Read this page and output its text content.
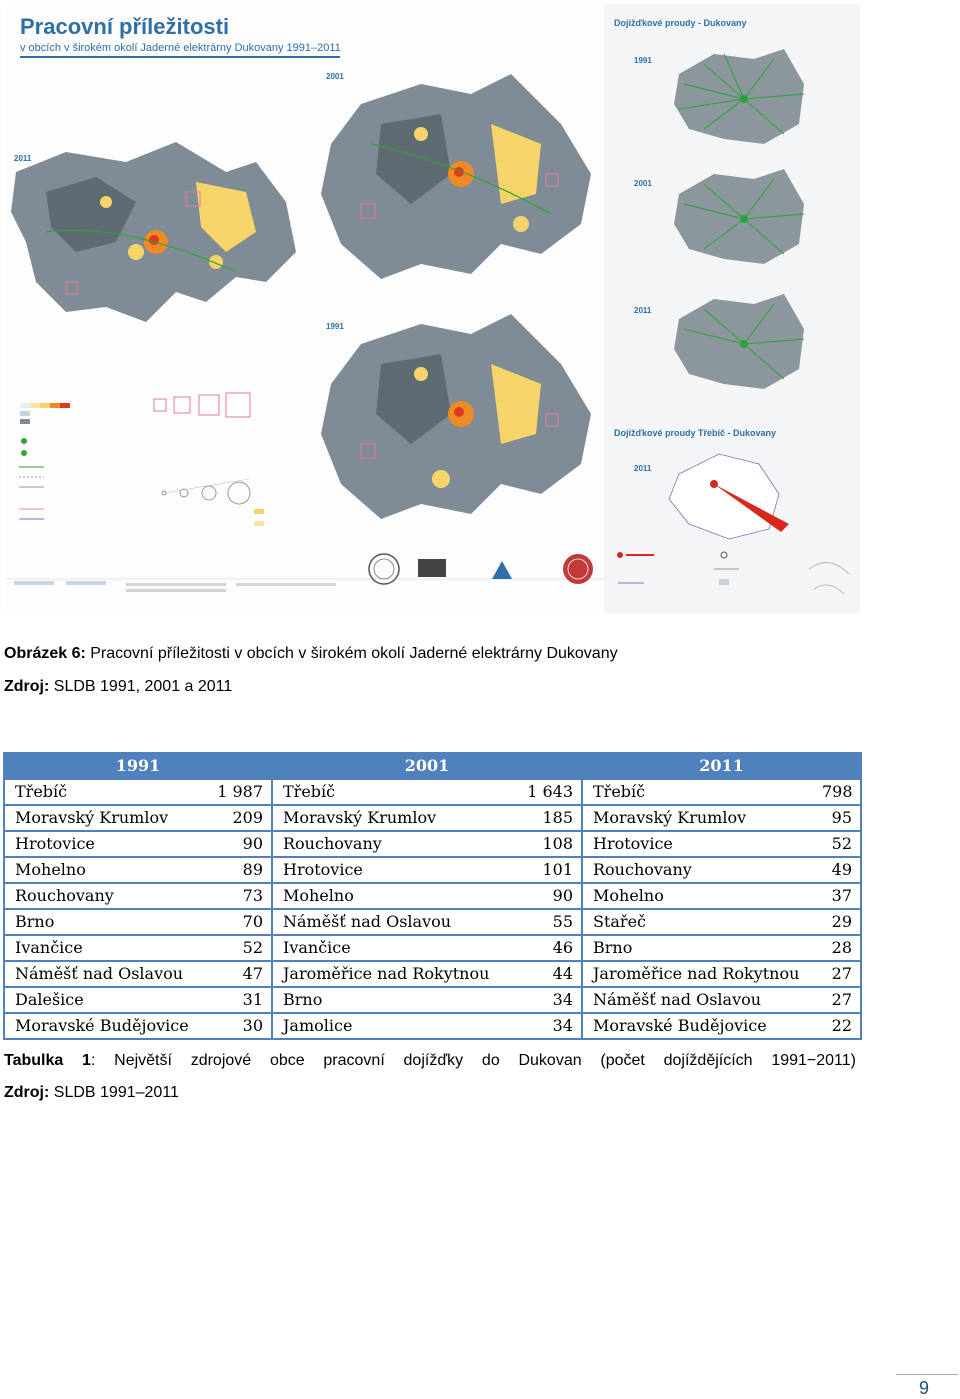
Pracovní příležitosti
v obcích v širokém okolí Jaderné elektrárny Dukovany 1991–2011
2011
2001
1991
Dojížďkové proudy - Dukovany
1991
2001
2011
Dojížďkové proudy Třebíč - Dukovany
2011
Obrázek 6: Pracovní příležitosti v obcích v širokém okolí Jaderné elektrárny Dukovany
Zdroj: SLDB 1991, 2001 a 2011
1991		2001		2011	
Třebíč	1 987	Třebíč	1 643	Třebíč	798
Moravský Krumlov	209	Moravský Krumlov	185	Moravský Krumlov	95
Hrotovice	90	Rouchovany	108	Hrotovice	52
Mohelno	89	Hrotovice	101	Rouchovany	49
Rouchovany	73	Mohelno	90	Mohelno	37
Brno	70	Náměšť nad Oslavou	55	Stařeč	29
Ivančice	52	Ivančice	46	Brno	28
Náměšť nad Oslavou	47	Jaroměřice nad Rokytnou	44	Jaroměřice nad Rokytnou	27
Dalešice	31	Brno	34	Náměšť nad Oslavou	27
Moravské Budějovice	30	Jamolice	34	Moravské Budějovice	22
Tabulka 1: Největší zdrojové obce pracovní dojížďky do Dukovan (počet dojíždějících 1991−2011)
Zdroj: SLDB 1991–2011
9
